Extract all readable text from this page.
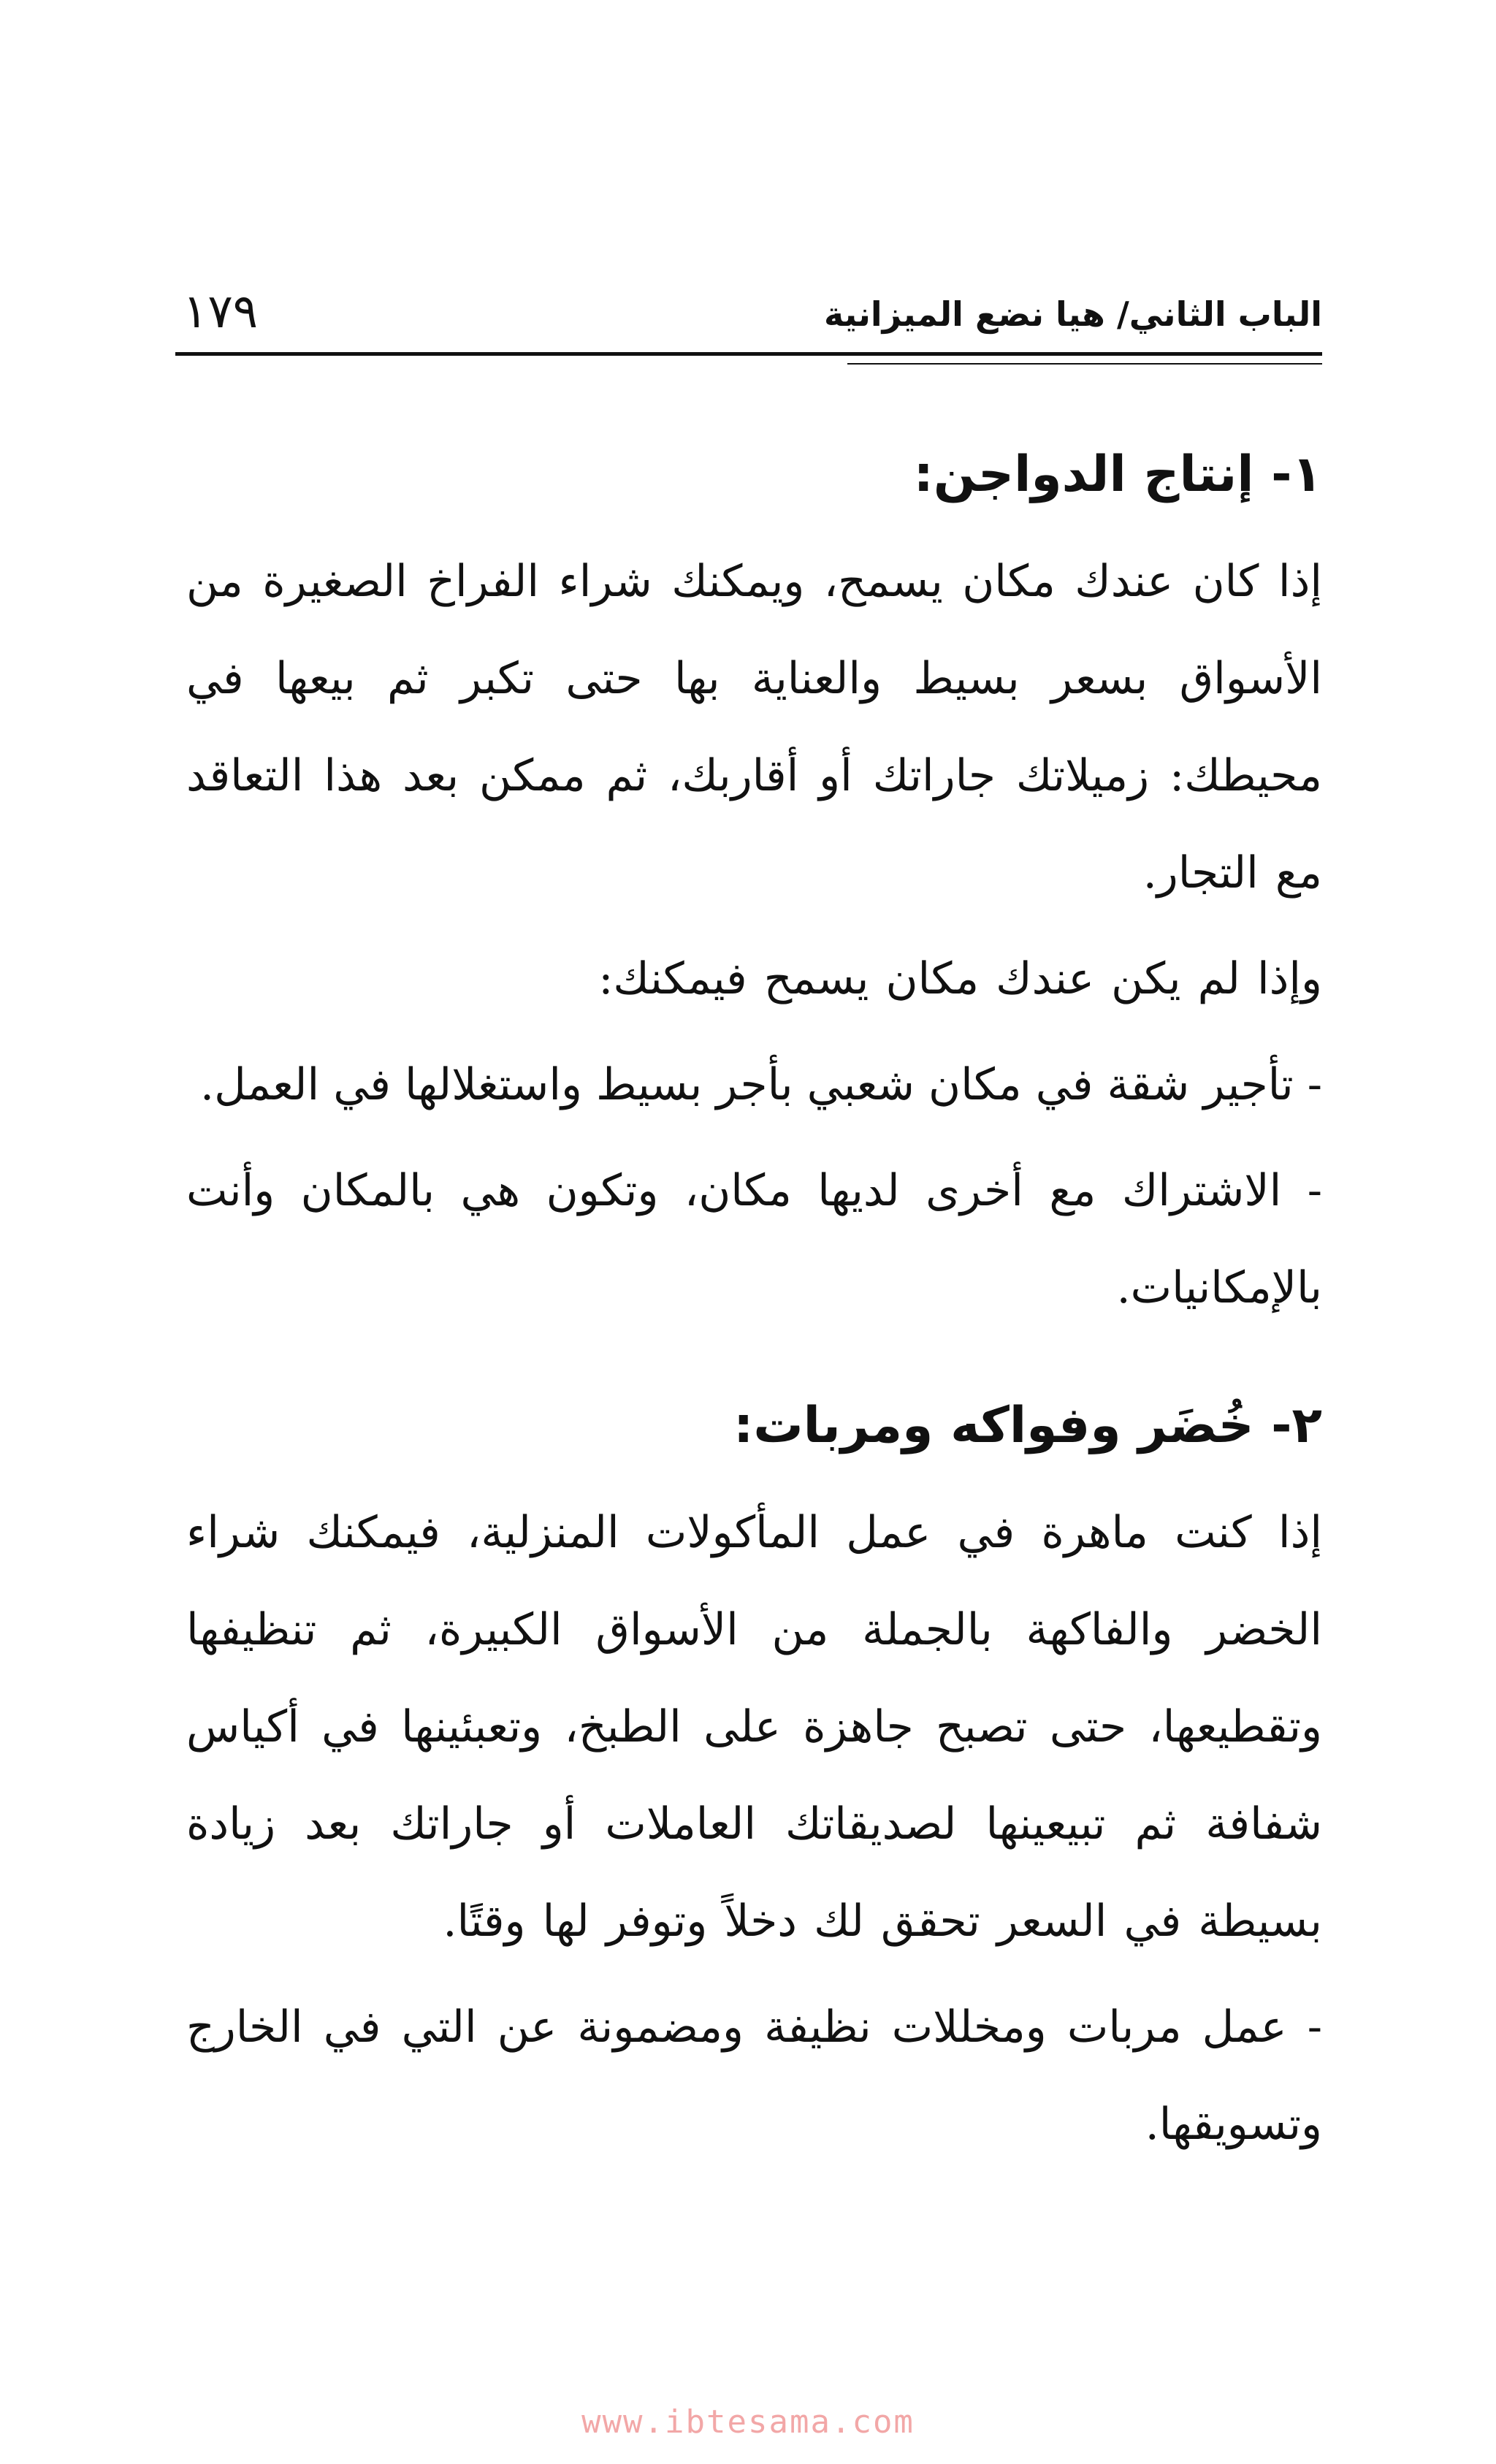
الباب الثاني/ هيا نضع الميزانية
١٧٩
١- إنتاج الدواجن:

إذا كان عندك مكان يسمح، ويمكنك شراء الفراخ الصغيرة من الأسواق بسعر بسيط والعناية بها حتى تكبر ثم بيعها في محيطك: زميلاتك جاراتك أو أقاربك، ثم ممكن بعد هذا التعاقد مع التجار.

وإذا لم يكن عندك مكان يسمح فيمكنك:

- تأجير شقة في مكان شعبي بأجر بسيط واستغلالها في العمل.

- الاشتراك مع أخرى لديها مكان، وتكون هي بالمكان وأنت بالإمكانيات.

٢- خُضَر وفواكه ومربات:

إذا كنت ماهرة في عمل المأكولات المنزلية، فيمكنك شراء الخضر والفاكهة بالجملة من الأسواق الكبيرة، ثم تنظيفها وتقطيعها، حتى تصبح جاهزة على الطبخ، وتعبئينها في أكياس شفافة ثم تبيعينها لصديقاتك العاملات أو جاراتك بعد زيادة بسيطة في السعر تحقق لك دخلاً وتوفر لها وقتًا.

- عمل مربات ومخللات نظيفة ومضمونة عن التي في الخارج وتسويقها.

www.ibtesama.com
